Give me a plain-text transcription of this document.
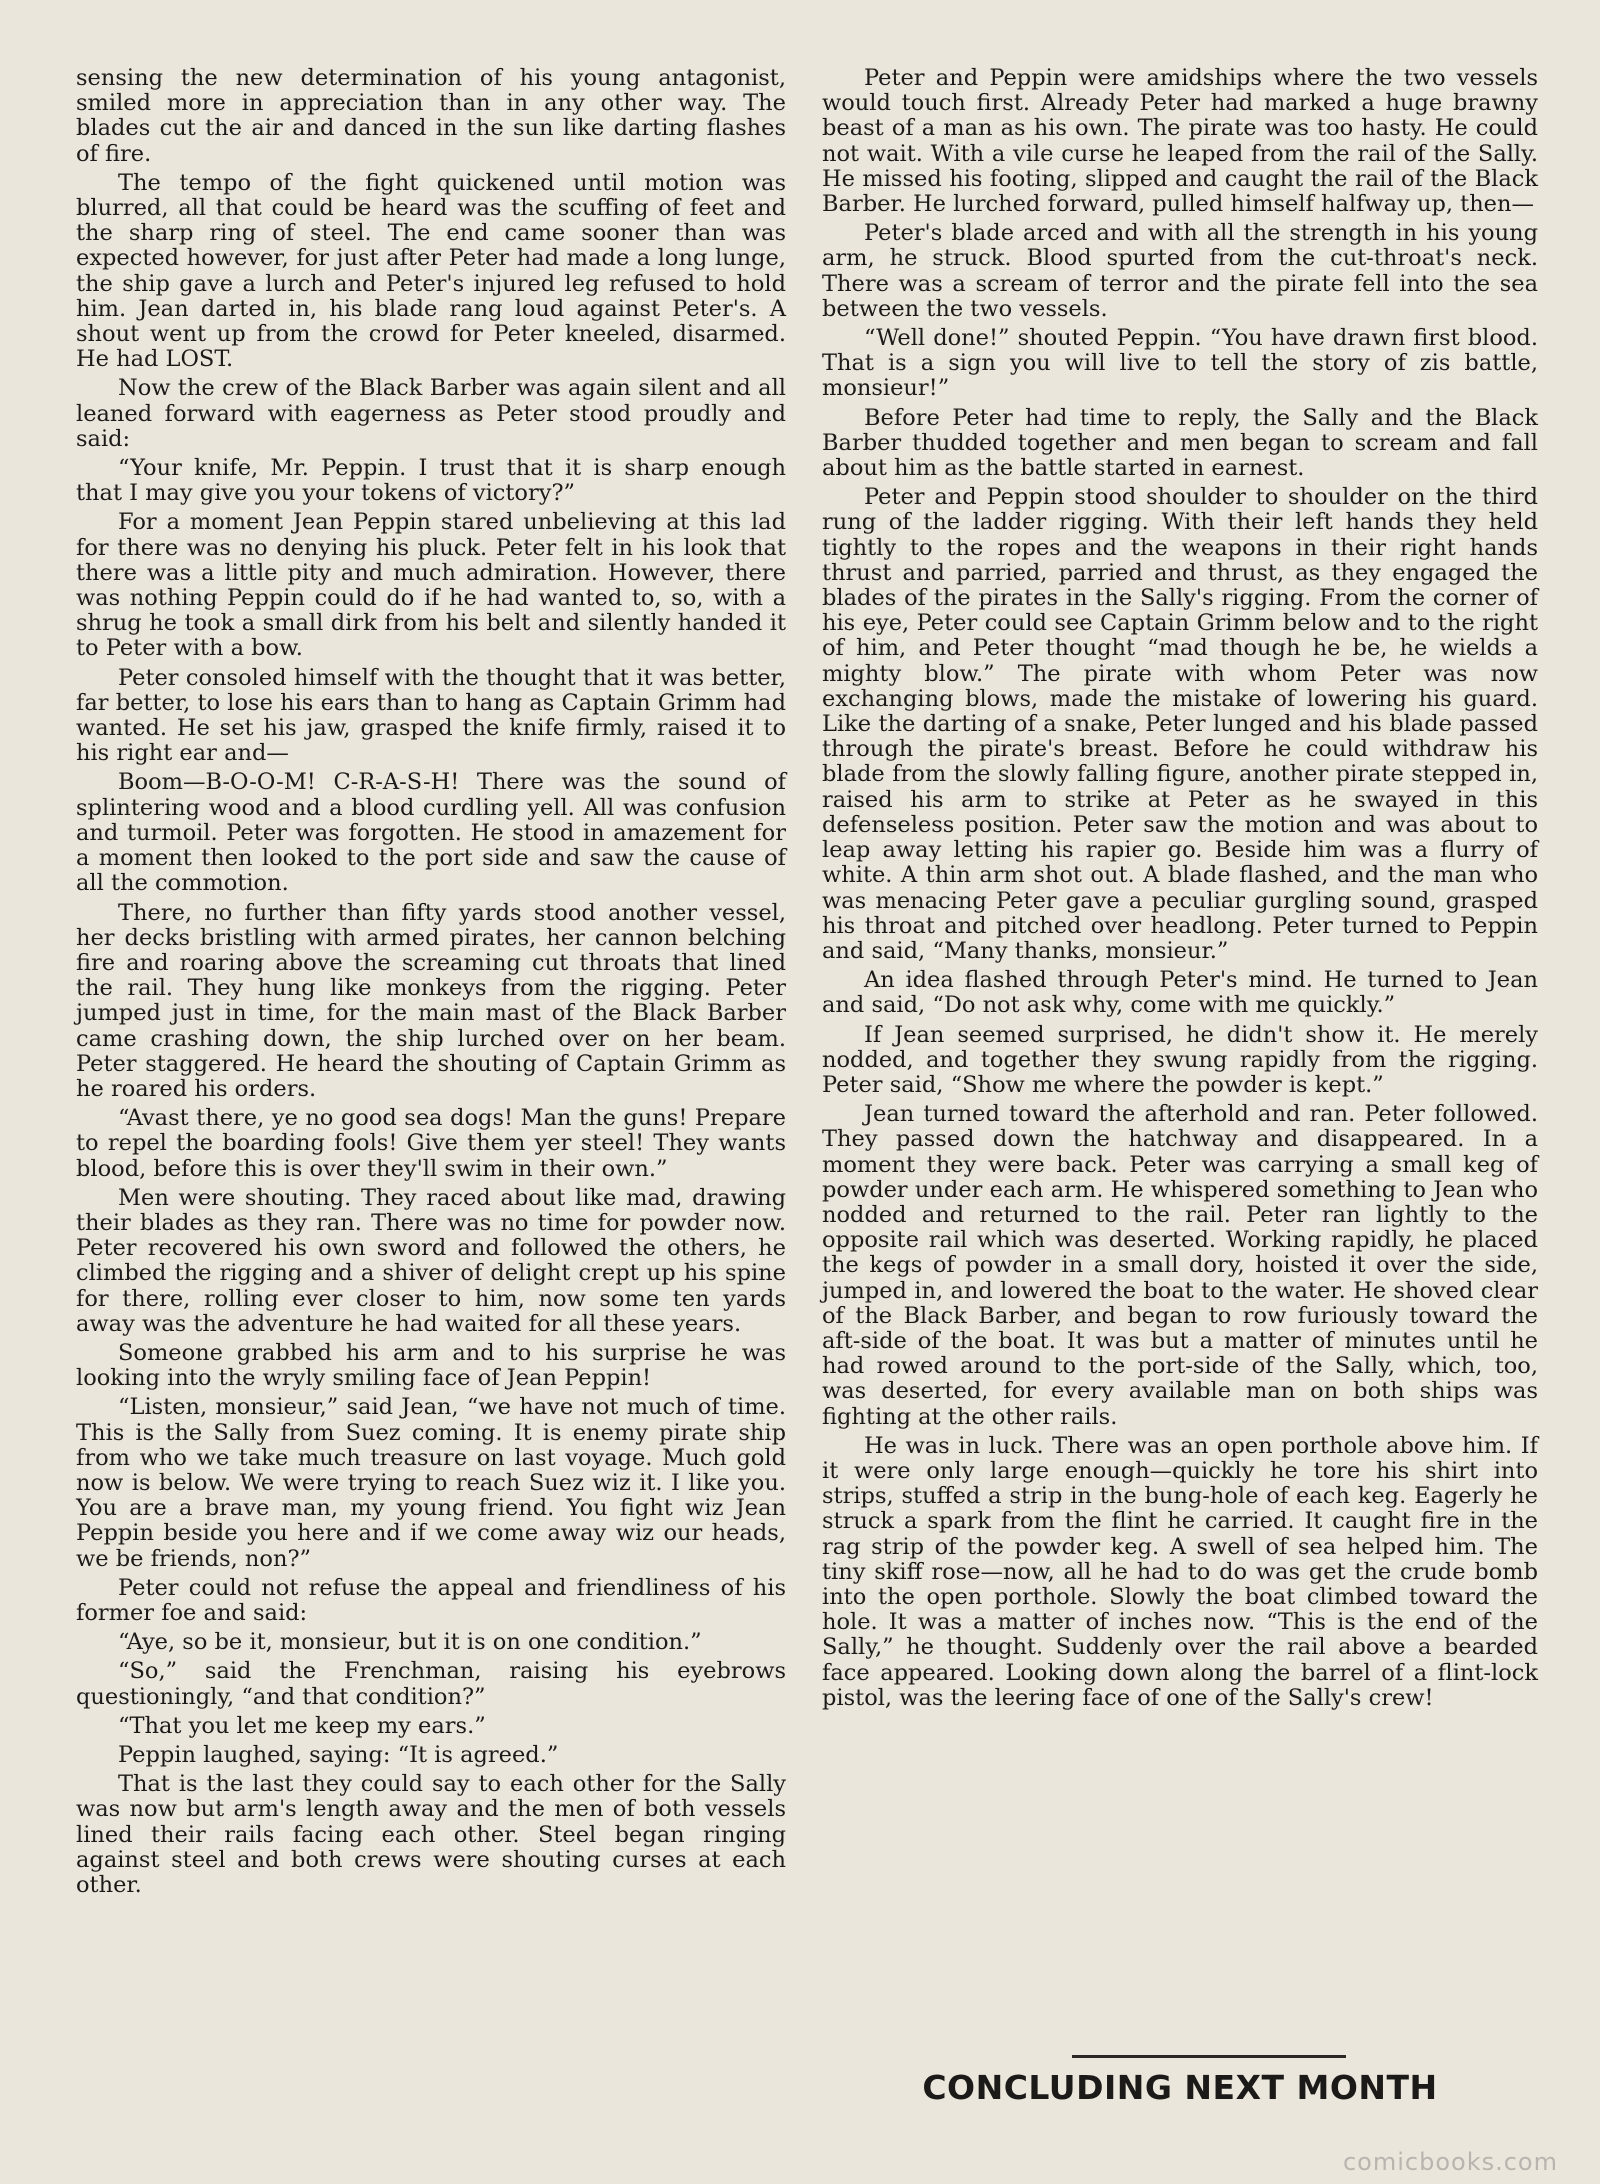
sensing the new determination of his young antagonist, smiled more in appreciation than in any other way. The blades cut the air and danced in the sun like darting flashes of fire.

The tempo of the fight quickened until motion was blurred, all that could be heard was the scuffing of feet and the sharp ring of steel. The end came sooner than was expected however, for just after Peter had made a long lunge, the ship gave a lurch and Peter's injured leg refused to hold him. Jean darted in, his blade rang loud against Peter's. A shout went up from the crowd for Peter kneeled, disarmed. He had LOST.

Now the crew of the Black Barber was again silent and all leaned forward with eagerness as Peter stood proudly and said:

“Your knife, Mr. Peppin. I trust that it is sharp enough that I may give you your tokens of victory?”

For a moment Jean Peppin stared unbelieving at this lad for there was no denying his pluck. Peter felt in his look that there was a little pity and much admiration. However, there was nothing Peppin could do if he had wanted to, so, with a shrug he took a small dirk from his belt and silently handed it to Peter with a bow.

Peter consoled himself with the thought that it was better, far better, to lose his ears than to hang as Captain Grimm had wanted. He set his jaw, grasped the knife firmly, raised it to his right ear and—

Boom—B-O-O-M! C-R-A-S-H! There was the sound of splintering wood and a blood curdling yell. All was confusion and turmoil. Peter was forgotten. He stood in amazement for a moment then looked to the port side and saw the cause of all the commotion.

There, no further than fifty yards stood another vessel, her decks bristling with armed pirates, her cannon belching fire and roaring above the screaming cut throats that lined the rail. They hung like monkeys from the rigging. Peter jumped just in time, for the main mast of the Black Barber came crashing down, the ship lurched over on her beam. Peter staggered. He heard the shouting of Captain Grimm as he roared his orders.

“Avast there, ye no good sea dogs! Man the guns! Prepare to repel the boarding fools! Give them yer steel! They wants blood, before this is over they'll swim in their own.”

Men were shouting. They raced about like mad, drawing their blades as they ran. There was no time for powder now. Peter recovered his own sword and followed the others, he climbed the rigging and a shiver of delight crept up his spine for there, rolling ever closer to him, now some ten yards away was the adventure he had waited for all these years.

Someone grabbed his arm and to his surprise he was looking into the wryly smiling face of Jean Peppin!

“Listen, monsieur,” said Jean, “we have not much of time. This is the Sally from Suez coming. It is enemy pirate ship from who we take much treasure on last voyage. Much gold now is below. We were trying to reach Suez wiz it. I like you. You are a brave man, my young friend. You fight wiz Jean Peppin beside you here and if we come away wiz our heads, we be friends, non?”

Peter could not refuse the appeal and friendliness of his former foe and said:

“Aye, so be it, monsieur, but it is on one condition.”

“So,” said the Frenchman, raising his eyebrows questioningly, “and that condition?”

“That you let me keep my ears.”

Peppin laughed, saying: “It is agreed.”

That is the last they could say to each other for the Sally was now but arm's length away and the men of both vessels lined their rails facing each other. Steel began ringing against steel and both crews were shouting curses at each other.

Peter and Peppin were amidships where the two vessels would touch first. Already Peter had marked a huge brawny beast of a man as his own. The pirate was too hasty. He could not wait. With a vile curse he leaped from the rail of the Sally. He missed his footing, slipped and caught the rail of the Black Barber. He lurched forward, pulled himself halfway up, then—

Peter's blade arced and with all the strength in his young arm, he struck. Blood spurted from the cut-throat's neck. There was a scream of terror and the pirate fell into the sea between the two vessels.

“Well done!” shouted Peppin. “You have drawn first blood. That is a sign you will live to tell the story of zis battle, monsieur!”

Before Peter had time to reply, the Sally and the Black Barber thudded together and men began to scream and fall about him as the battle started in earnest.

Peter and Peppin stood shoulder to shoulder on the third rung of the ladder rigging. With their left hands they held tightly to the ropes and the weapons in their right hands thrust and parried, parried and thrust, as they engaged the blades of the pirates in the Sally's rigging. From the corner of his eye, Peter could see Captain Grimm below and to the right of him, and Peter thought “mad though he be, he wields a mighty blow.” The pirate with whom Peter was now exchanging blows, made the mistake of lowering his guard. Like the darting of a snake, Peter lunged and his blade passed through the pirate's breast. Before he could withdraw his blade from the slowly falling figure, another pirate stepped in, raised his arm to strike at Peter as he swayed in this defenseless position. Peter saw the motion and was about to leap away letting his rapier go. Beside him was a flurry of white. A thin arm shot out. A blade flashed, and the man who was menacing Peter gave a peculiar gurgling sound, grasped his throat and pitched over headlong. Peter turned to Peppin and said, “Many thanks, monsieur.”

An idea flashed through Peter's mind. He turned to Jean and said, “Do not ask why, come with me quickly.”

If Jean seemed surprised, he didn't show it. He merely nodded, and together they swung rapidly from the rigging. Peter said, “Show me where the powder is kept.”

Jean turned toward the afterhold and ran. Peter followed. They passed down the hatchway and disappeared. In a moment they were back. Peter was carrying a small keg of powder under each arm. He whispered something to Jean who nodded and returned to the rail. Peter ran lightly to the opposite rail which was deserted. Working rapidly, he placed the kegs of powder in a small dory, hoisted it over the side, jumped in, and lowered the boat to the water. He shoved clear of the Black Barber, and began to row furiously toward the aft-side of the boat. It was but a matter of minutes until he had rowed around to the port-side of the Sally, which, too, was deserted, for every available man on both ships was fighting at the other rails.

He was in luck. There was an open porthole above him. If it were only large enough—quickly he tore his shirt into strips, stuffed a strip in the bung-hole of each keg. Eagerly he struck a spark from the flint he carried. It caught fire in the rag strip of the powder keg. A swell of sea helped him. The tiny skiff rose—now, all he had to do was get the crude bomb into the open porthole. Slowly the boat climbed toward the hole. It was a matter of inches now. “This is the end of the Sally,” he thought. Suddenly over the rail above a bearded face appeared. Looking down along the barrel of a flint-lock pistol, was the leering face of one of the Sally's crew!

CONCLUDING NEXT MONTH
comicbooks.com
